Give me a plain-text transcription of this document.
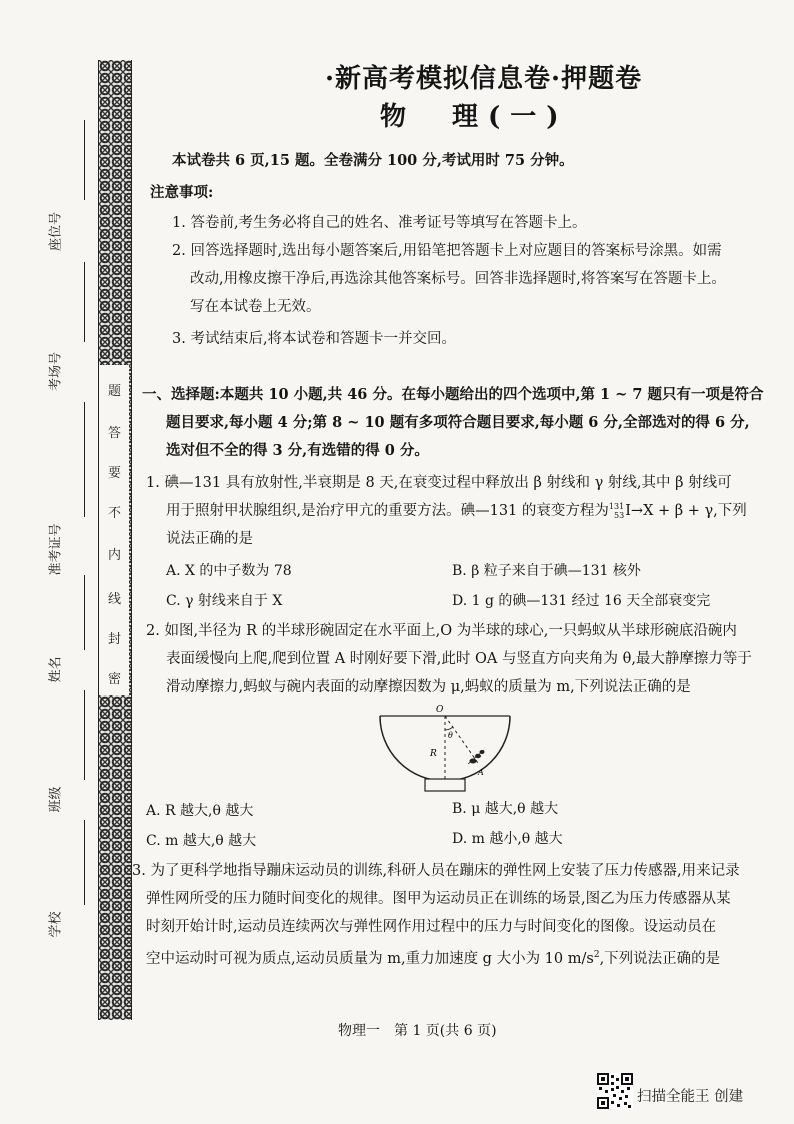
题
答
要
不
内
线
封
密
座位号
考场号
准考证号
姓名
班级
学校
·新高考模拟信息卷·押题卷
物　理(一)
本试卷共 6 页,15 题。全卷满分 100 分,考试用时 75 分钟。
注意事项:
1. 答卷前,考生务必将自己的姓名、准考证号等填写在答题卡上。
2. 回答选择题时,选出每小题答案后,用铅笔把答题卡上对应题目的答案标号涂黑。如需
改动,用橡皮擦干净后,再选涂其他答案标号。回答非选择题时,将答案写在答题卡上。
写在本试卷上无效。
3. 考试结束后,将本试卷和答题卡一并交回。
一、选择题:本题共 10 小题,共 46 分。在每小题给出的四个选项中,第 1 ~ 7 题只有一项是符合
题目要求,每小题 4 分;第 8 ~ 10 题有多项符合题目要求,每小题 6 分,全部选对的得 6 分,
选对但不全的得 3 分,有选错的得 0 分。
1. 碘—131 具有放射性,半衰期是 8 天,在衰变过程中释放出 β 射线和 γ 射线,其中 β 射线可
用于照射甲状腺组织,是治疗甲亢的重要方法。碘—131 的衰变方程为131
53I→X + β + γ,下列
说法正确的是
A. X 的中子数为 78	B. β 粒子来自于碘—131 核外
C. γ 射线来自于 X	D. 1 g 的碘—131 经过 16 天全部衰变完
2. 如图,半径为 R 的半球形碗固定在水平面上,O 为半球的球心,一只蚂蚁从半球形碗底沿碗内
表面缓慢向上爬,爬到位置 A 时刚好要下滑,此时 OA 与竖直方向夹角为 θ,最大静摩擦力等于
滑动摩擦力,蚂蚁与碗内表面的动摩擦因数为 μ,蚂蚁的质量为 m,下列说法正确的是
O
R
θ
A
A. R 越大,θ 越大	B. μ 越大,θ 越大
C. m 越大,θ 越大	D. m 越小,θ 越大
3. 为了更科学地指导蹦床运动员的训练,科研人员在蹦床的弹性网上安装了压力传感器,用来记录
弹性网所受的压力随时间变化的规律。图甲为运动员正在训练的场景,图乙为压力传感器从某
时刻开始计时,运动员连续两次与弹性网作用过程中的压力与时间变化的图像。设运动员在
空中运动时可视为质点,运动员质量为 m,重力加速度 g 大小为 10 $m/s^2$,下列说法正确的是
物理一　第 1 页(共 6 页)
扫描全能王 创建
